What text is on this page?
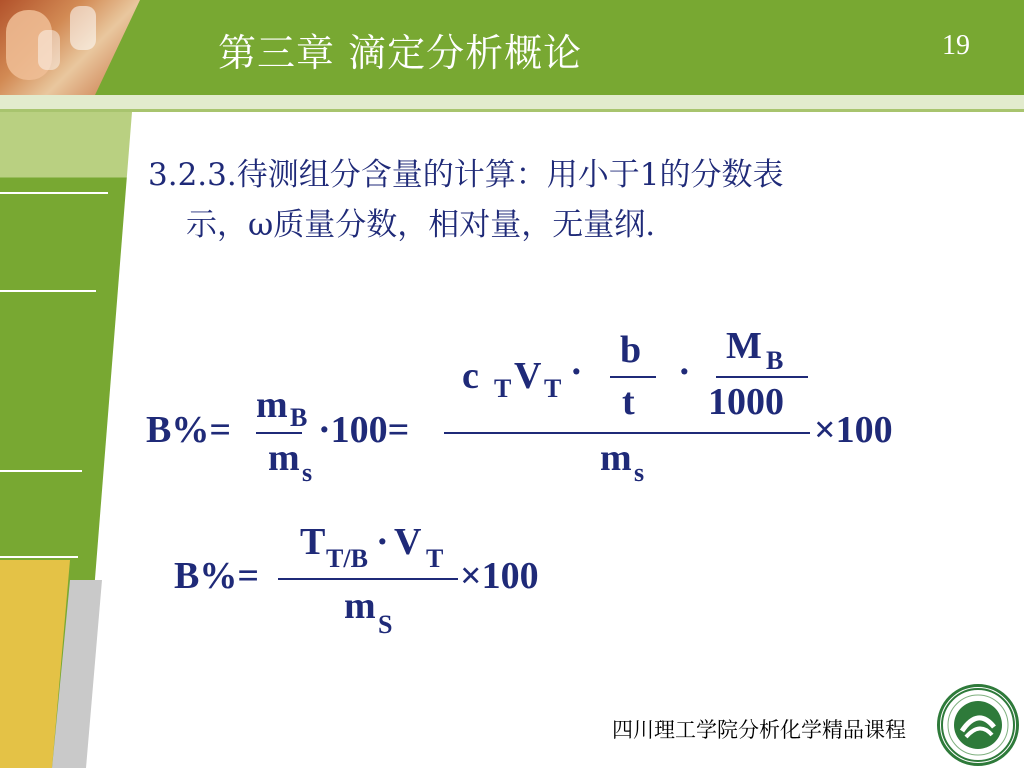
第三章 滴定分析概论	19
3.2.3.待测组分含量的计算：用小于1的分数表

示，ω质量分数，相对量，无量纲.
B%=
m B
m s
·100=
c T V T ·
b
t
·
M B
1000
m s
×100
B%=
T T/B · V T
m S
×100
四川理工学院分析化学精品课程
